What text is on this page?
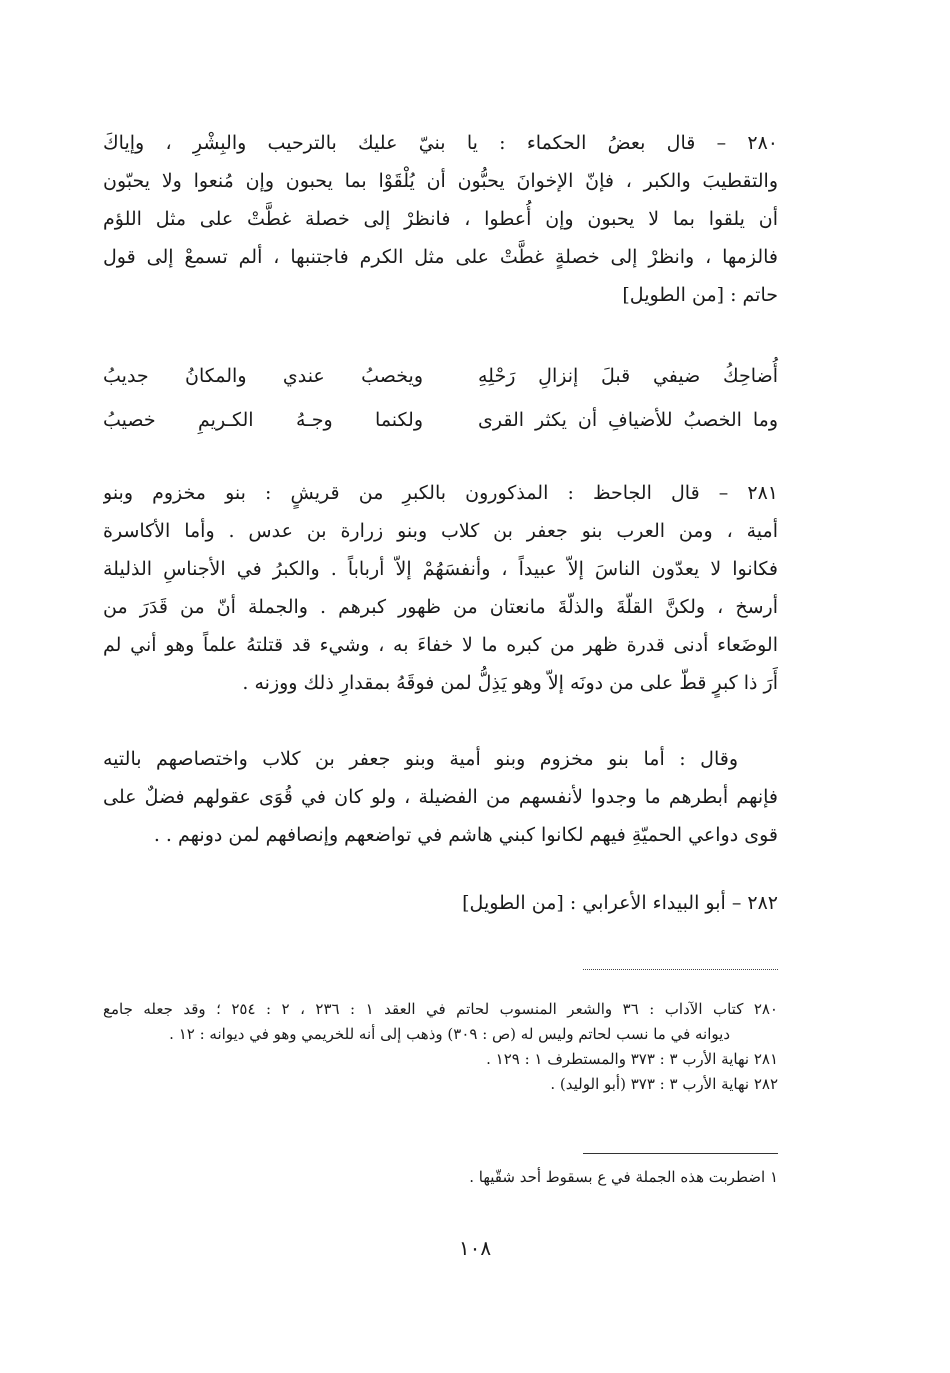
٢٨٠ – قال بعضُ الحكماء : يا بنيّ عليك بالترحيب والبِشْرِ ، وإياكَ
والتقطيبَ والكبر ، فإنّ الإخوانَ يحبُّون أن يُلْقَوْا بما يحبون وإن مُنعوا ولا يحبّون
أن يلقوا بما لا يحبون وإن أُعطوا ، فانظرْ إلى خصلة غطَّتْ على مثل اللؤم
فالزمها ، وانظرْ إلى خصلةٍ غطَّتْ على مثل الكرم فاجتنبها ، ألم تسمعْ إلى قول
حاتم : [من الطويل]
أُضاحِكُ ضيفي قبلَ إنزالِ رَحْلِهِ
ويخصبُ عندي والمكانُ جديبُ
وما الخصبُ للأضيافِ أن يكثر القرى
ولكنما وجـهُ الكـريمِ خصيبُ
٢٨١ – قال الجاحظ : المذكورون بالكبرِ من قريشٍ : بنو مخزوم وبنو
أمية ، ومن العرب بنو جعفر بن كلاب وبنو زرارة بن عدس . وأما الأكاسرة
فكانوا لا يعدّون الناسَ إلاّ عبيداً ، وأنفسَهُمْ إلاّ أرباباً . والكبرُ في الأجناسِ الذليلة
أرسخ ، ولكنَّ القلّةَ والذلّةَ مانعتان من ظهور كبرهم . والجملة أنّ من قَدَرَ من
الوضَعاء أدنى قدرة ظهر من كبره ما لا خفاءَ به ، وشيء قد قتلتهُ علماً وهو أني لم
أَرَ ذا كبرٍ قطّ على من دونَه إلاّ وهو يَذِلُّ لمن فوقَهُ بمقدارِ ذلك ووزنه .
وقال : أما بنو مخزوم وبنو أمية وبنو جعفر بن كلاب واختصاصهم بالتيه
فإنهم أبطرهم ما وجدوا لأنفسهم من الفضيلة ، ولو كان في قُوَى عقولهم فضلٌ على
قوى دواعي الحميّةِ فيهم لكانوا كبني هاشم في تواضعهم وإنصافهم لمن دونهم . .
٢٨٢ – أبو البيداء الأعرابي : [من الطويل]
٢٨٠ كتاب الآداب : ٣٦ والشعر المنسوب لحاتم في العقد ١ : ٢٣٦ ، ٢ : ٢٥٤ ؛ وقد جعله جامع
ديوانه في ما نسب لحاتم وليس له (ص : ٣٠٩) وذهب إلى أنه للخريمي وهو في ديوانه : ١٢ .
٢٨١ نهاية الأرب ٣ : ٣٧٣ والمستطرف ١ : ١٢٩ .
٢٨٢ نهاية الأرب ٣ : ٣٧٣ (أبو الوليد) .
١ اضطربت هذه الجملة في ع بسقوط أحد شقّيها .
١٠٨
